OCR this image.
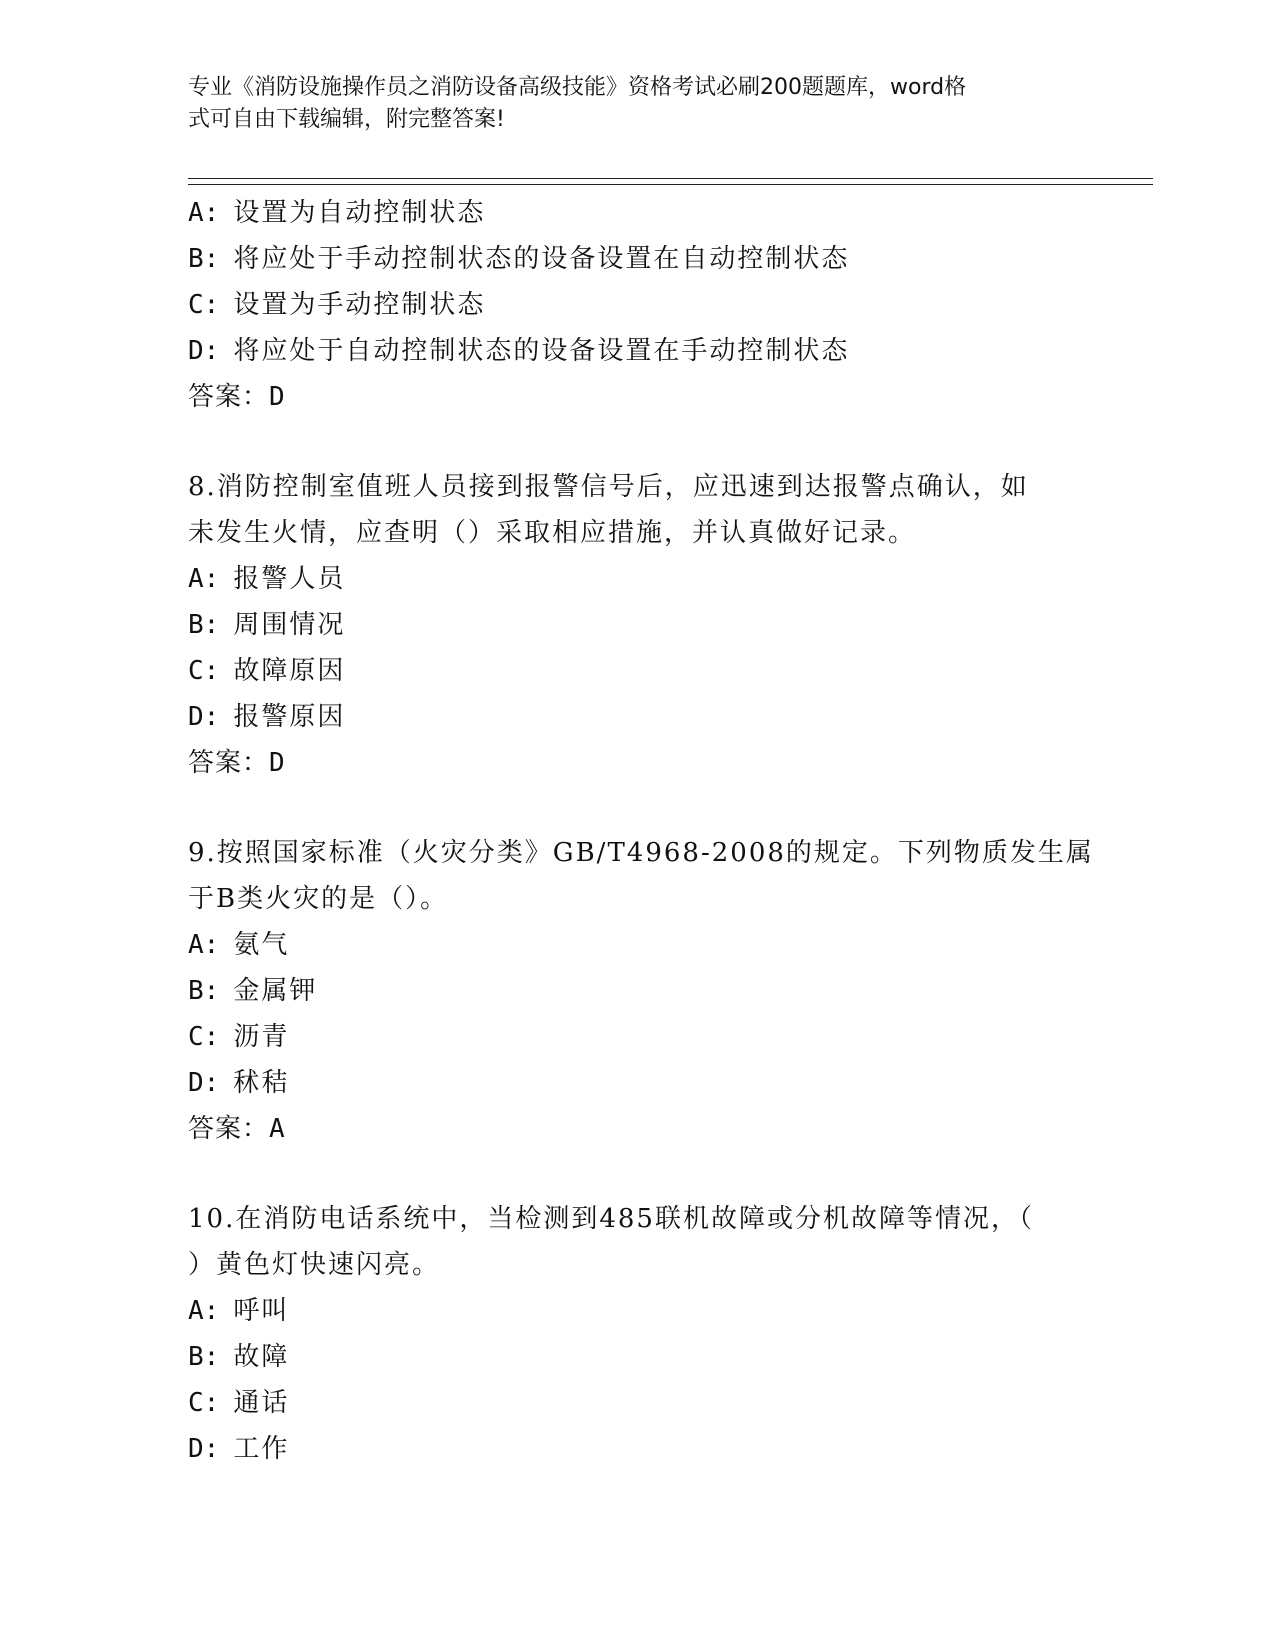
专业《消防设施操作员之消防设备高级技能》资格考试必刷200题题库，word格
式可自由下载编辑，附完整答案!
A: 设置为自动控制状态
B: 将应处于手动控制状态的设备设置在自动控制状态
C: 设置为手动控制状态
D: 将应处于自动控制状态的设备设置在手动控制状态
答案：D
8.消防控制室值班人员接到报警信号后，应迅速到达报警点确认，如
未发生火情，应查明（）采取相应措施，并认真做好记录。
A: 报警人员
B: 周围情况
C: 故障原因
D: 报警原因
答案：D
9.按照国家标准（火灾分类》GB/T4968-2008的规定。下列物质发生属
于B类火灾的是（）。
A: 氨气
B: 金属钾
C: 沥青
D: 秫秸
答案：A
10.在消防电话系统中，当检测到485联机故障或分机故障等情况，（
）黄色灯快速闪亮。
A: 呼叫
B: 故障
C: 通话
D: 工作
